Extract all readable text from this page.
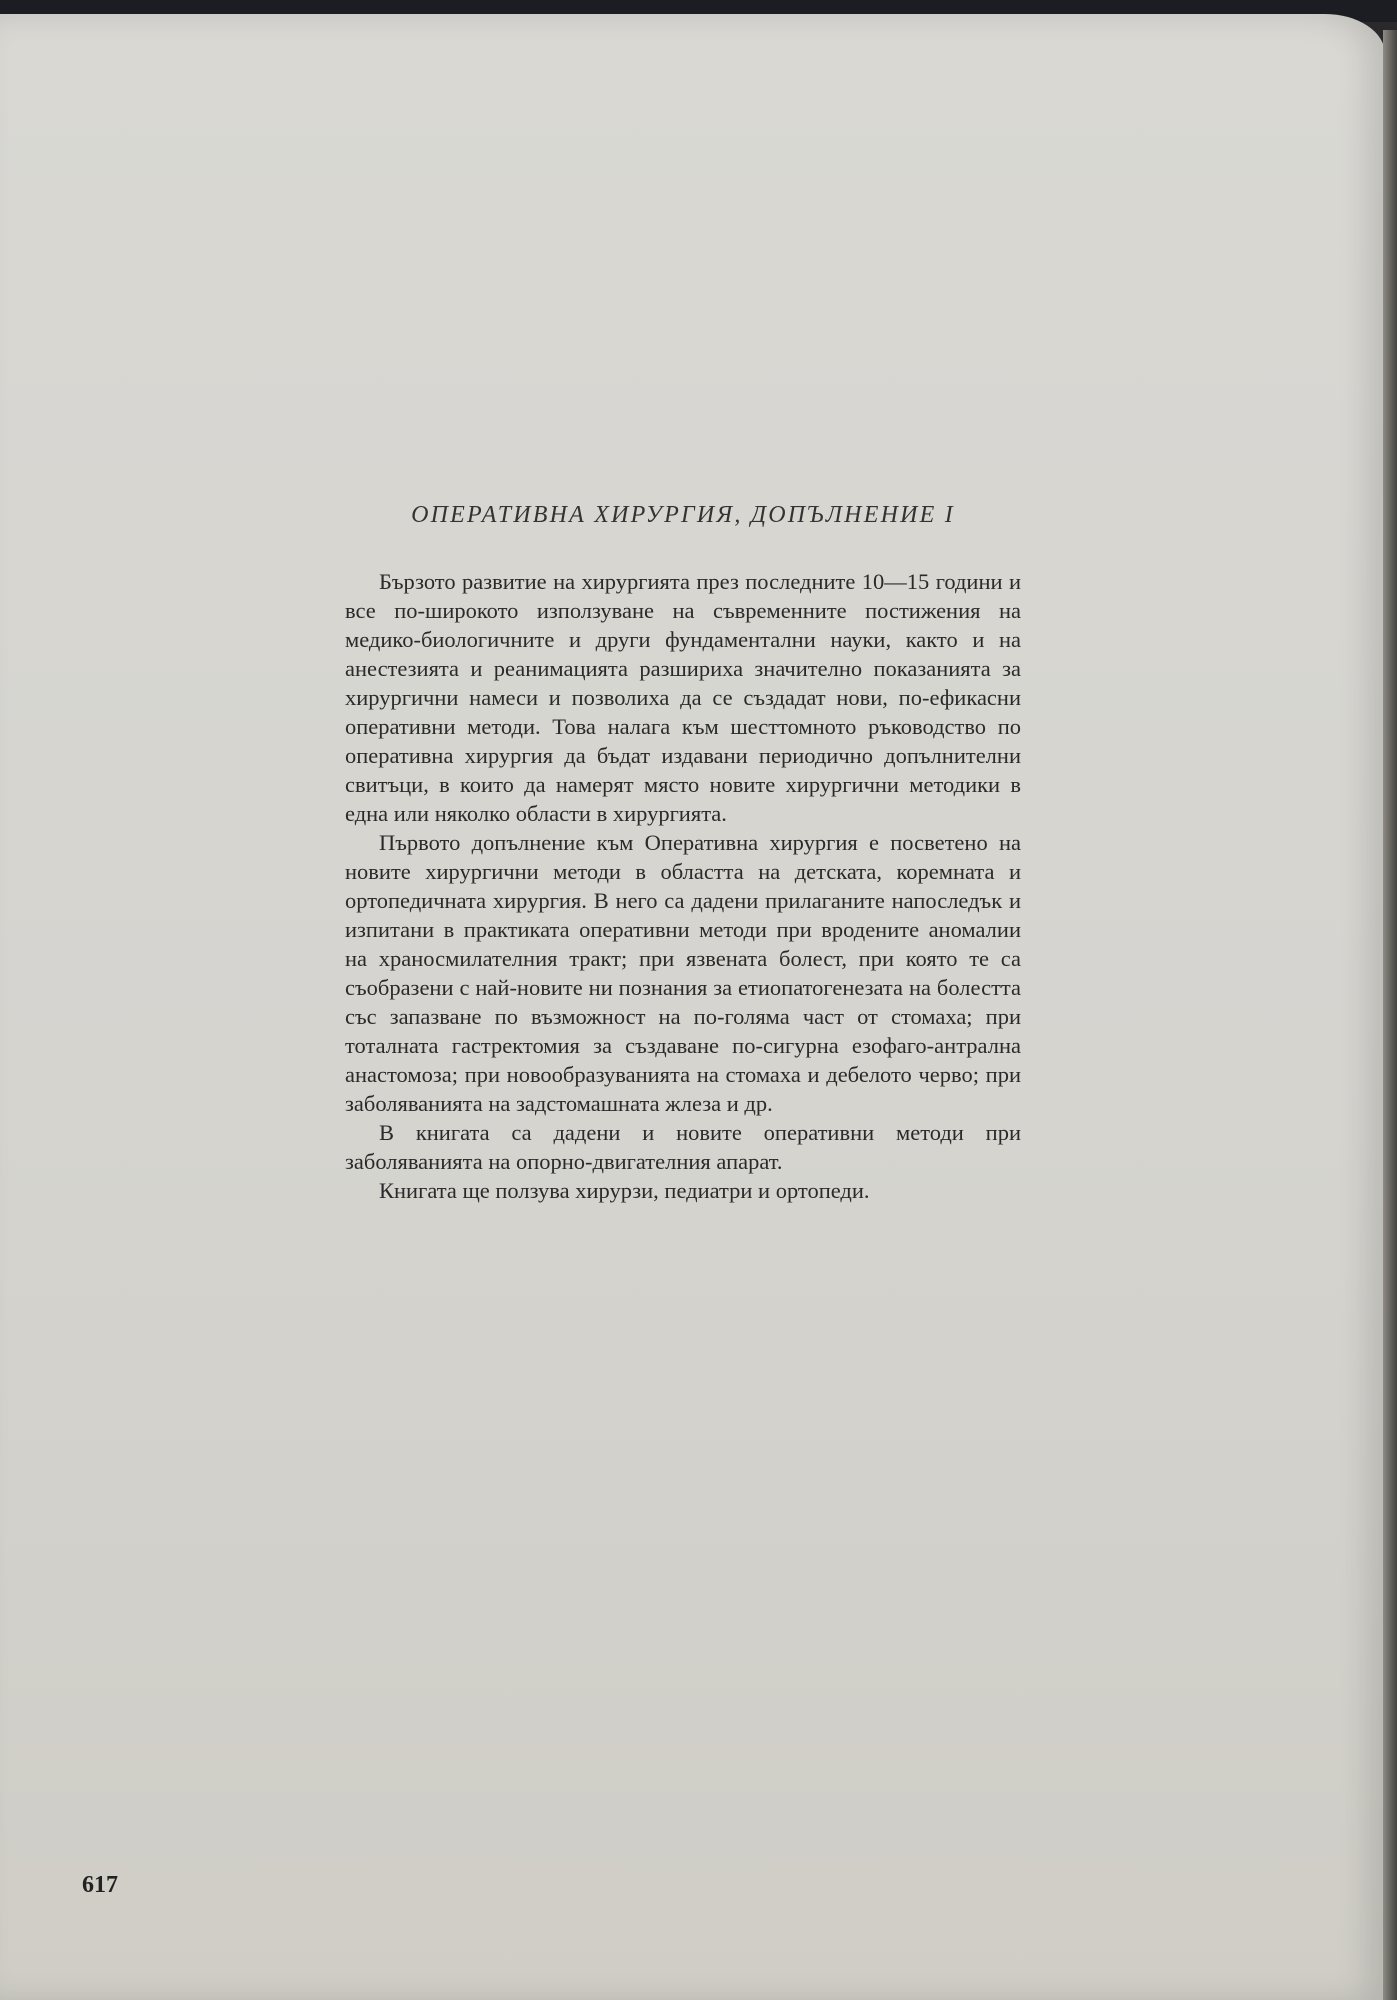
ОПЕРАТИВНА ХИРУРГИЯ, ДОПЪЛНЕНИЕ I

Бързото развитие на хирургията през последните 10—15 години и все по-широкото използуване на съвременните постижения на медико-биологичните и други фундаментални науки, както и на анестезията и реанимацията разшириха значително показанията за хирургични намеси и позволиха да се създадат нови, по-ефикасни оперативни методи. Това налага към шесттомното ръководство по оперативна хирургия да бъдат издавани периодично допълнителни свитъци, в които да намерят място новите хирургични методики в една или няколко области в хирургията.

Първото допълнение към Оперативна хирургия е посветено на новите хирургични методи в областта на детската, коремната и ортопедичната хирургия. В него са дадени прилаганите напоследък и изпитани в практиката оперативни методи при вродените аномалии на храносмилателния тракт; при язвената болест, при която те са съобразени с най-новите ни познания за етиопатогенезата на болестта със запазване по възможност на по-голяма част от стомаха; при тоталната гастректомия за създаване по-сигурна езофаго-антрална анастомоза; при новообразуванията на стомаха и дебелото черво; при заболяванията на задстомашната жлеза и др.

В книгата са дадени и новите оперативни методи при заболяванията на опорно-двигателния апарат.

Книгата ще ползува хирурзи, педиатри и ортопеди.

617
